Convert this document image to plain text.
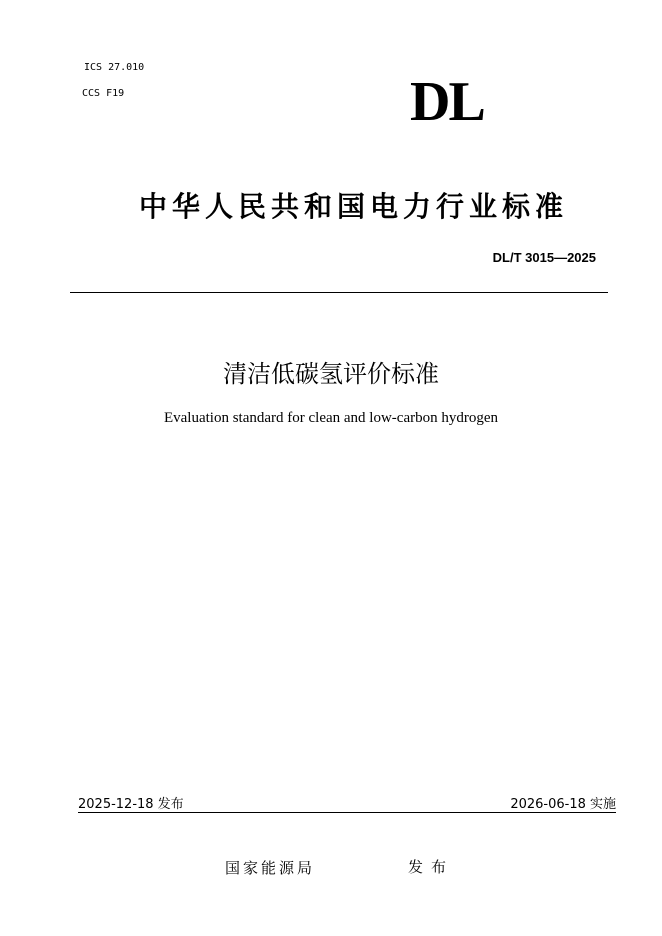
ICS 27.010
CCS F19	DL
中华人民共和国电力行业标准
DL/T 3015—2025
清洁低碳氢评价标准
Evaluation standard for clean and low-carbon hydrogen
2025-12-18 发布	2026-06-18 实施
国家能源局	发布
